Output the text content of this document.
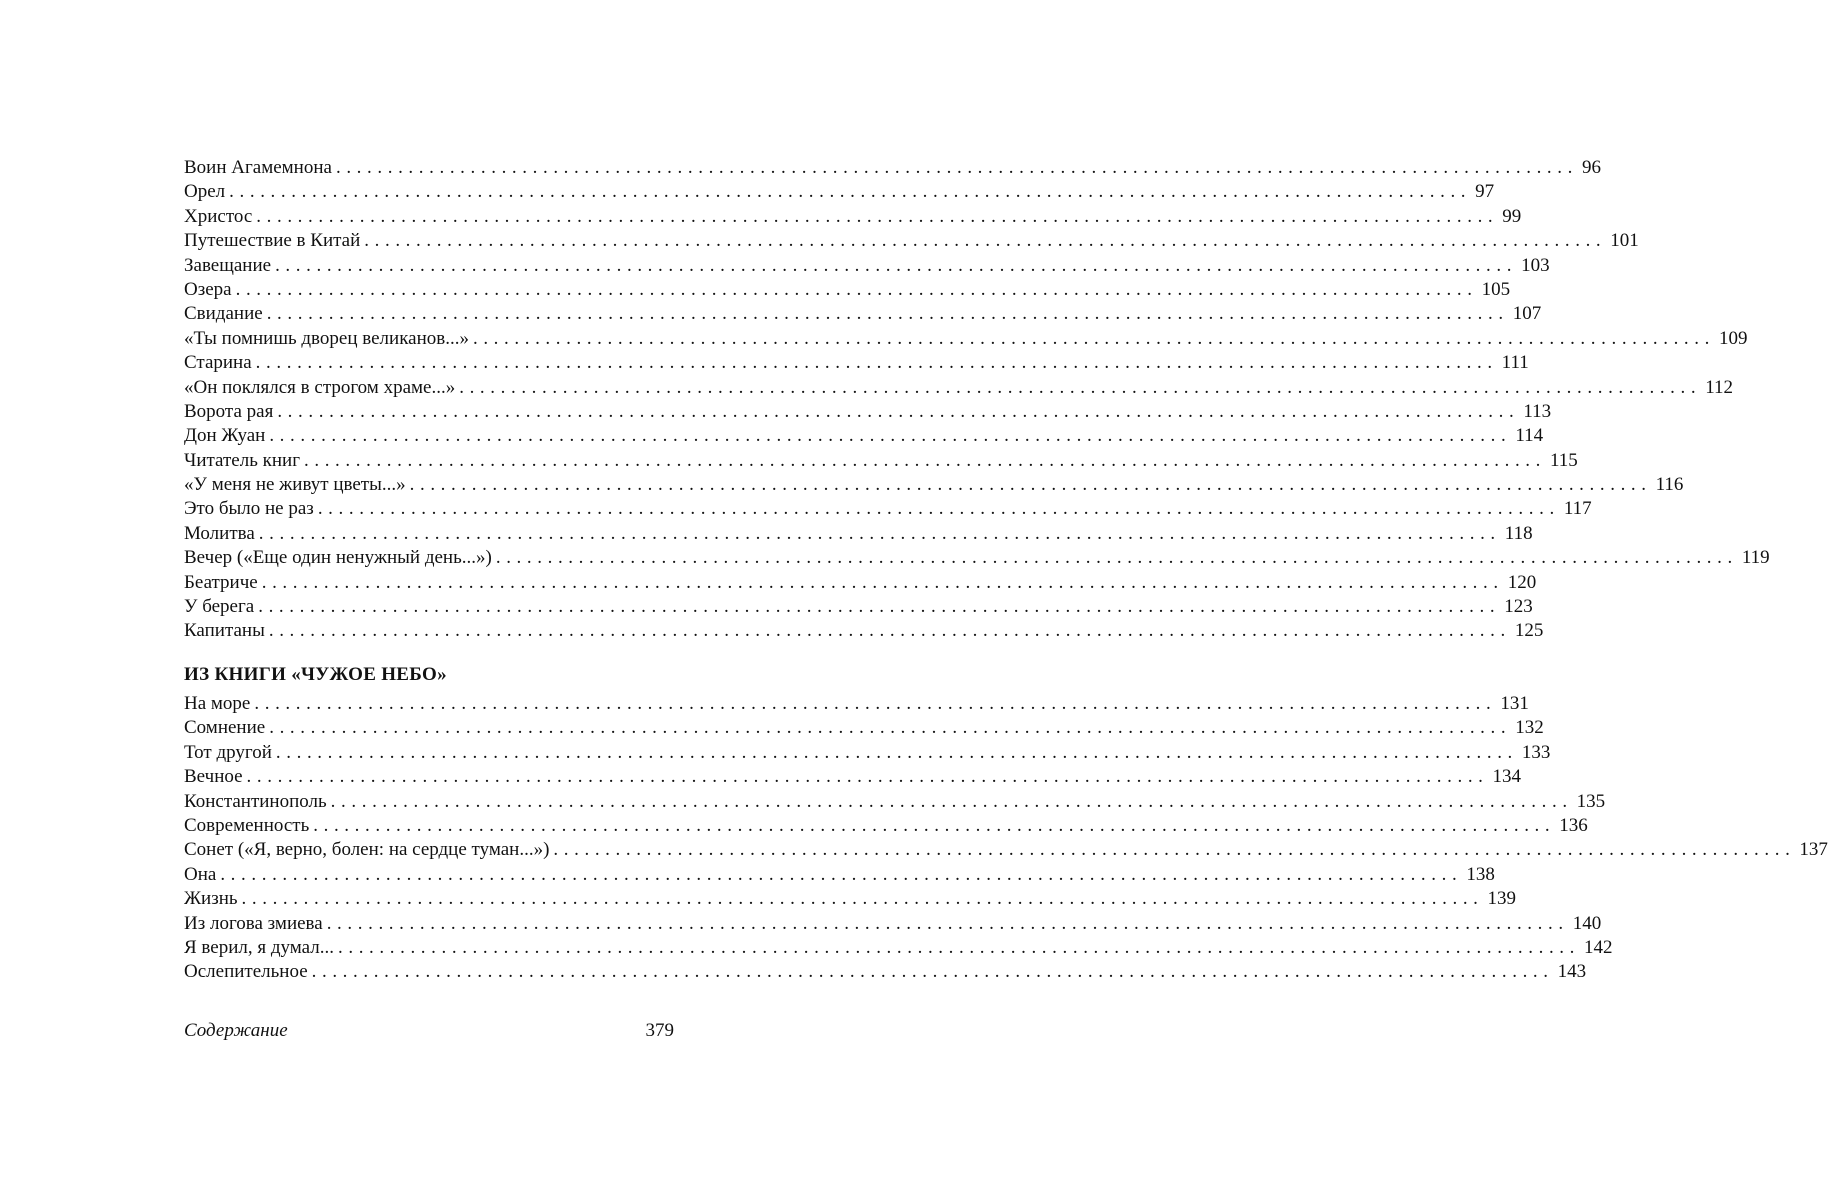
Воин Агамемнона ........................................................................................................................ 96
Орел ........................................................................................................................ 97
Христос ........................................................................................................................ 99
Путешествие в Китай ........................................................................................................................ 101
Завещание ........................................................................................................................ 103
Озера ........................................................................................................................ 105
Свидание ........................................................................................................................ 107
«Ты помнишь дворец великанов...» ........................................................................................................................ 109
Старина ........................................................................................................................ 111
«Он поклялся в строгом храме...» ........................................................................................................................ 112
Ворота рая ........................................................................................................................ 113
Дон Жуан ........................................................................................................................ 114
Читатель книг ........................................................................................................................ 115
«У меня не живут цветы...» ........................................................................................................................ 116
Это было не раз ........................................................................................................................ 117
Молитва ........................................................................................................................ 118
Вечер («Еще один ненужный день...») ........................................................................................................................ 119
Беатриче ........................................................................................................................ 120
У берега ........................................................................................................................ 123
Капитаны ........................................................................................................................ 125
ИЗ КНИГИ «ЧУЖОЕ НЕБО»
На море ........................................................................................................................ 131
Сомнение ........................................................................................................................ 132
Тот другой ........................................................................................................................ 133
Вечное ........................................................................................................................ 134
Константинополь ........................................................................................................................ 135
Современность ........................................................................................................................ 136
Сонет («Я, верно, болен: на сердце туман...») ........................................................................................................................ 137
Она ........................................................................................................................ 138
Жизнь ........................................................................................................................ 139
Из логова змиева ........................................................................................................................ 140
Я верил, я думал... ........................................................................................................................ 142
Ослепительное ........................................................................................................................ 143
Содержание	379
